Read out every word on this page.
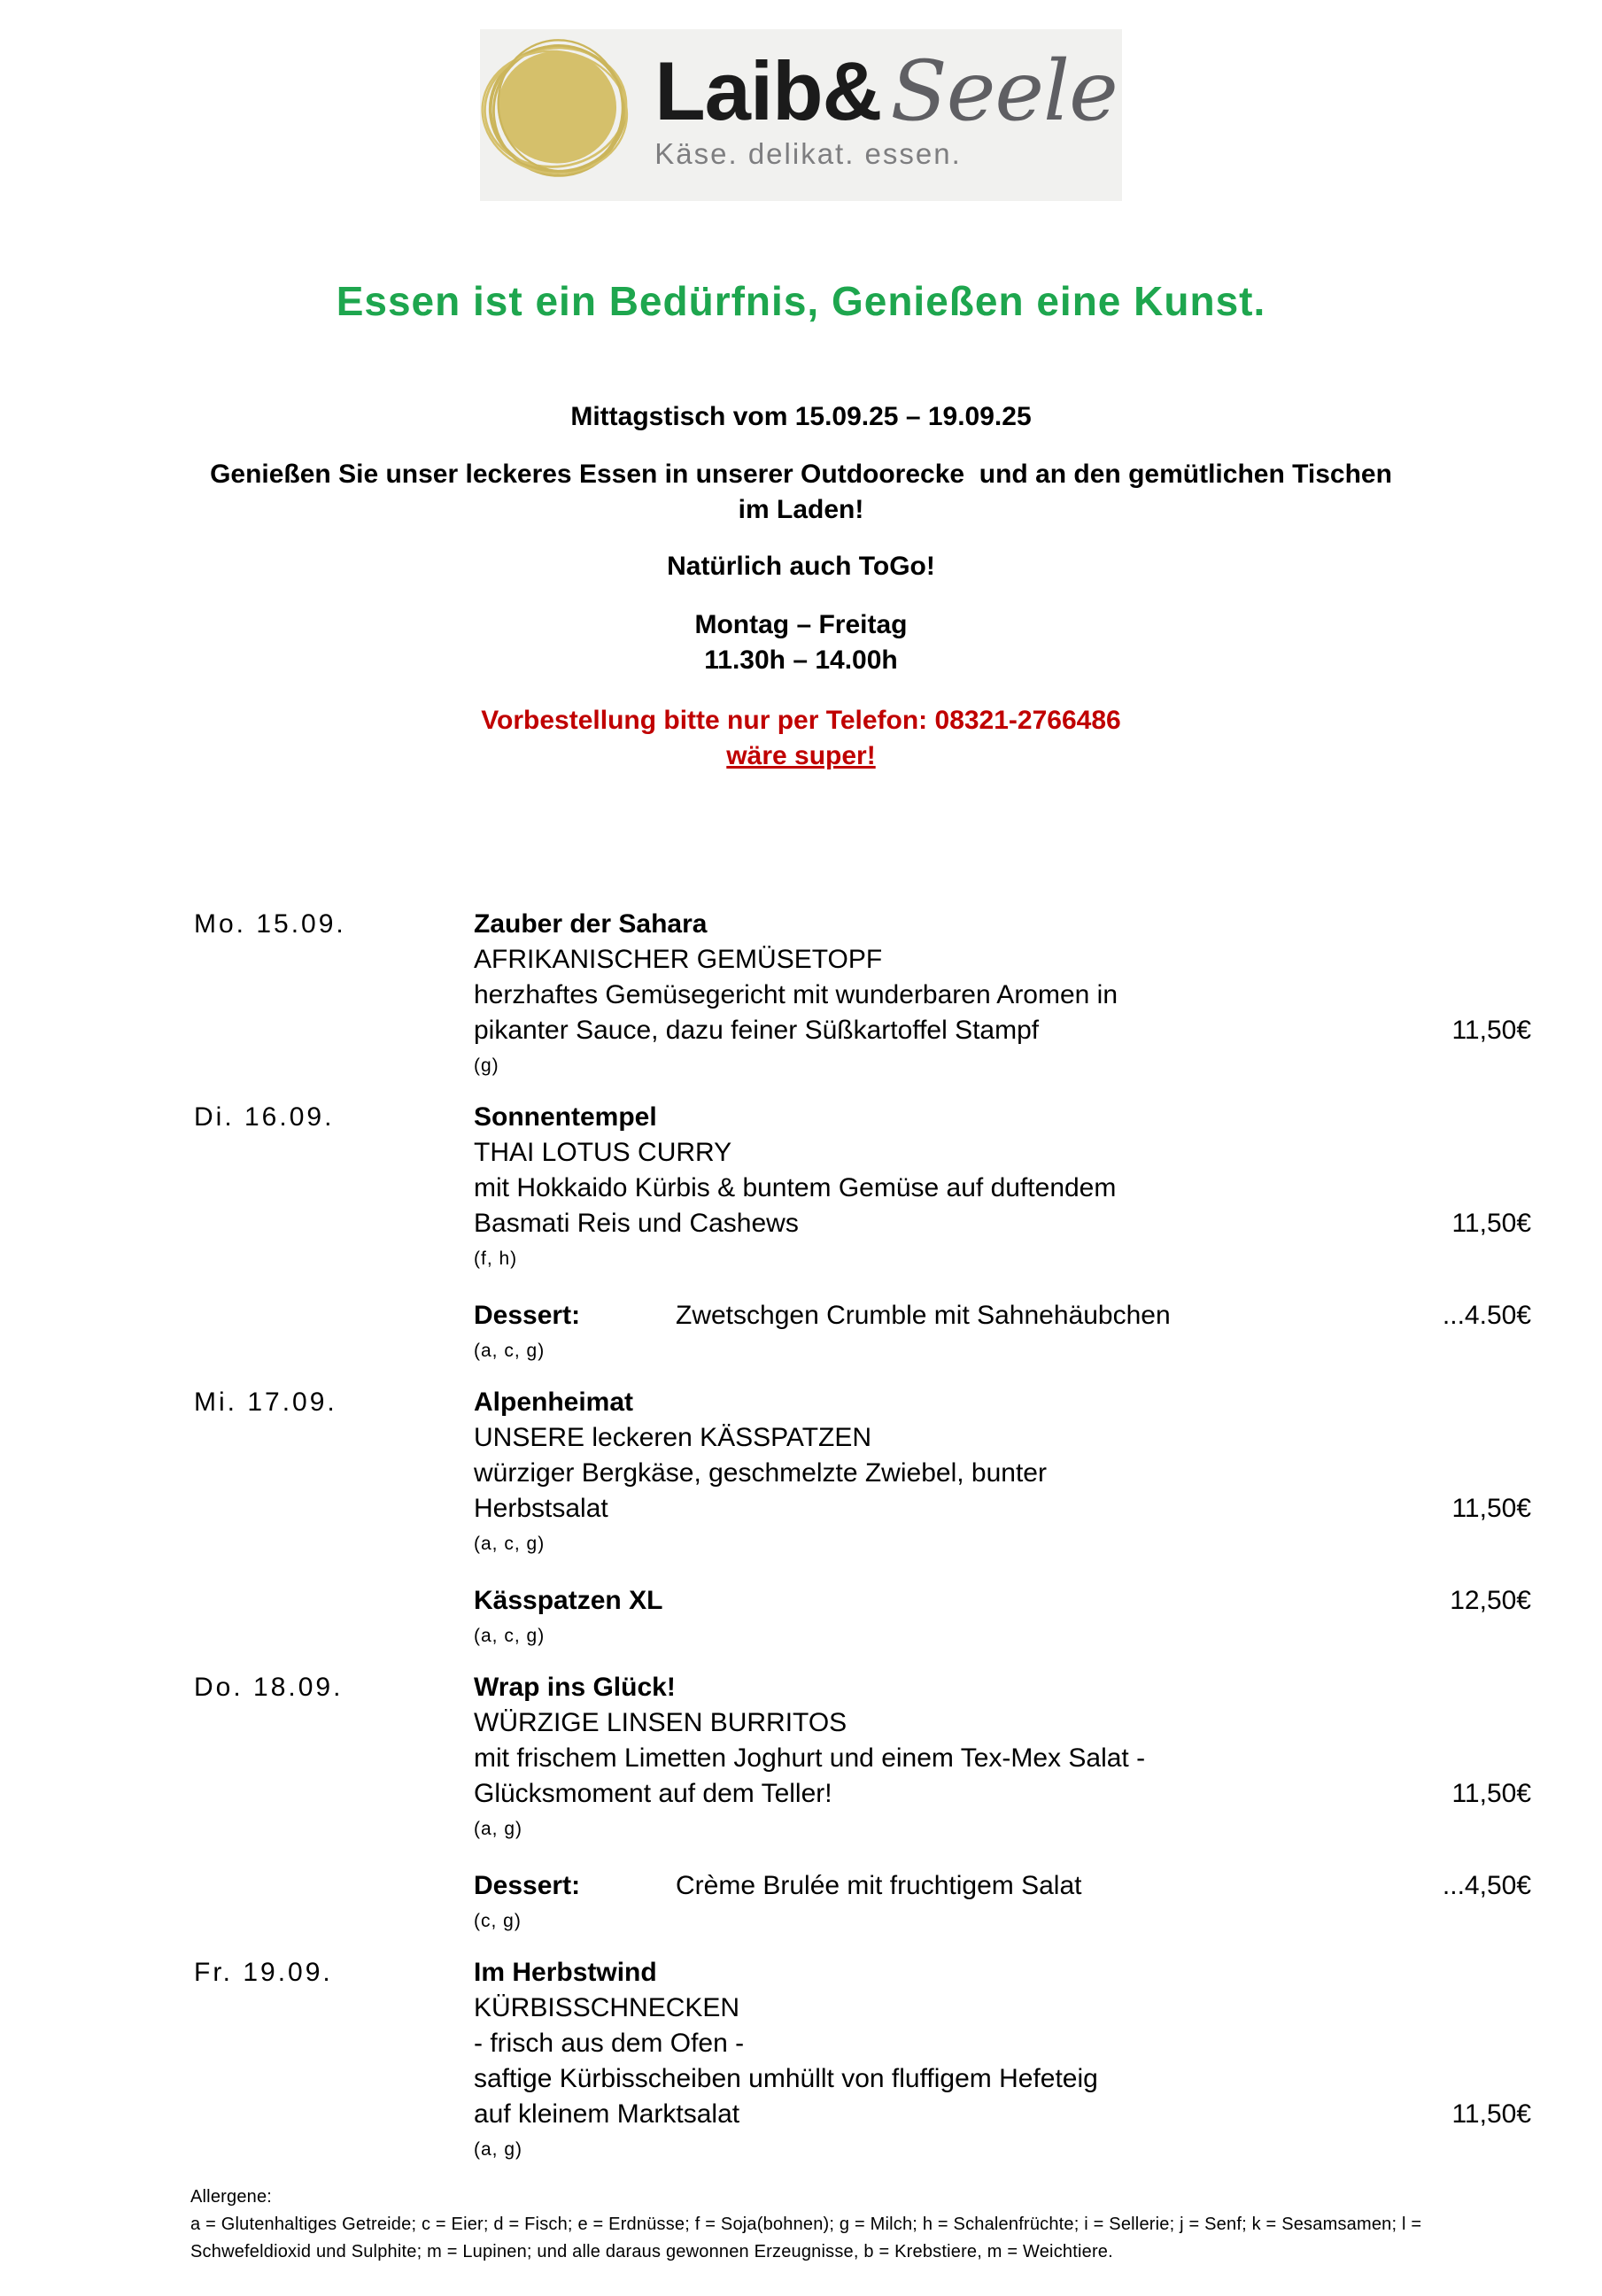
Laib& Seele
Käse. delikat. essen.
Essen ist ein Bedürfnis, Genießen eine Kunst.
Mittagstisch vom 15.09.25 – 19.09.25
Genießen Sie unser leckeres Essen in unserer Outdoorecke  und an den gemütlichen Tischen
im Laden!
Natürlich auch ToGo!
Montag – Freitag
11.30h – 14.00h
Vorbestellung bitte nur per Telefon: 08321-2766486
wäre super!
Mo. 15.09.	Zauber der Sahara
AFRIKANISCHER GEMÜSETOPF
herzhaftes Gemüsegericht mit wunderbaren Aromen in
pikanter Sauce, dazu feiner Süßkartoffel Stampf	11,50€
(g)
Di. 16.09.	Sonnentempel
THAI LOTUS CURRY
mit Hokkaido Kürbis & buntem Gemüse auf duftendem
Basmati Reis und Cashews	11,50€
(f, h)
Dessert:	Zwetschgen Crumble mit Sahnehäubchen	...4.50€
(a, c, g)
Mi. 17.09.	Alpenheimat
UNSERE leckeren KÄSSPATZEN
würziger Bergkäse, geschmelzte Zwiebel, bunter
Herbstsalat	11,50€
(a, c, g)
Kässpatzen XL	12,50€
(a, c, g)
Do. 18.09.	Wrap ins Glück!
WÜRZIGE LINSEN BURRITOS
mit frischem Limetten Joghurt und einem Tex-Mex Salat -
Glücksmoment auf dem Teller!	11,50€
(a, g)
Dessert:	Crème Brulée mit fruchtigem Salat	...4,50€
(c, g)
Fr. 19.09.	Im Herbstwind
KÜRBISSCHNECKEN
- frisch aus dem Ofen -
saftige Kürbisscheiben umhüllt von fluffigem Hefeteig
auf kleinem Marktsalat	11,50€
(a, g)
Allergene:
a = Glutenhaltiges Getreide; c = Eier; d = Fisch; e = Erdnüsse; f = Soja(bohnen); g = Milch; h = Schalenfrüchte; i = Sellerie; j = Senf; k = Sesamsamen; l =
Schwefeldioxid und Sulphite; m = Lupinen; und alle daraus gewonnen Erzeugnisse, b = Krebstiere, m = Weichtiere.
